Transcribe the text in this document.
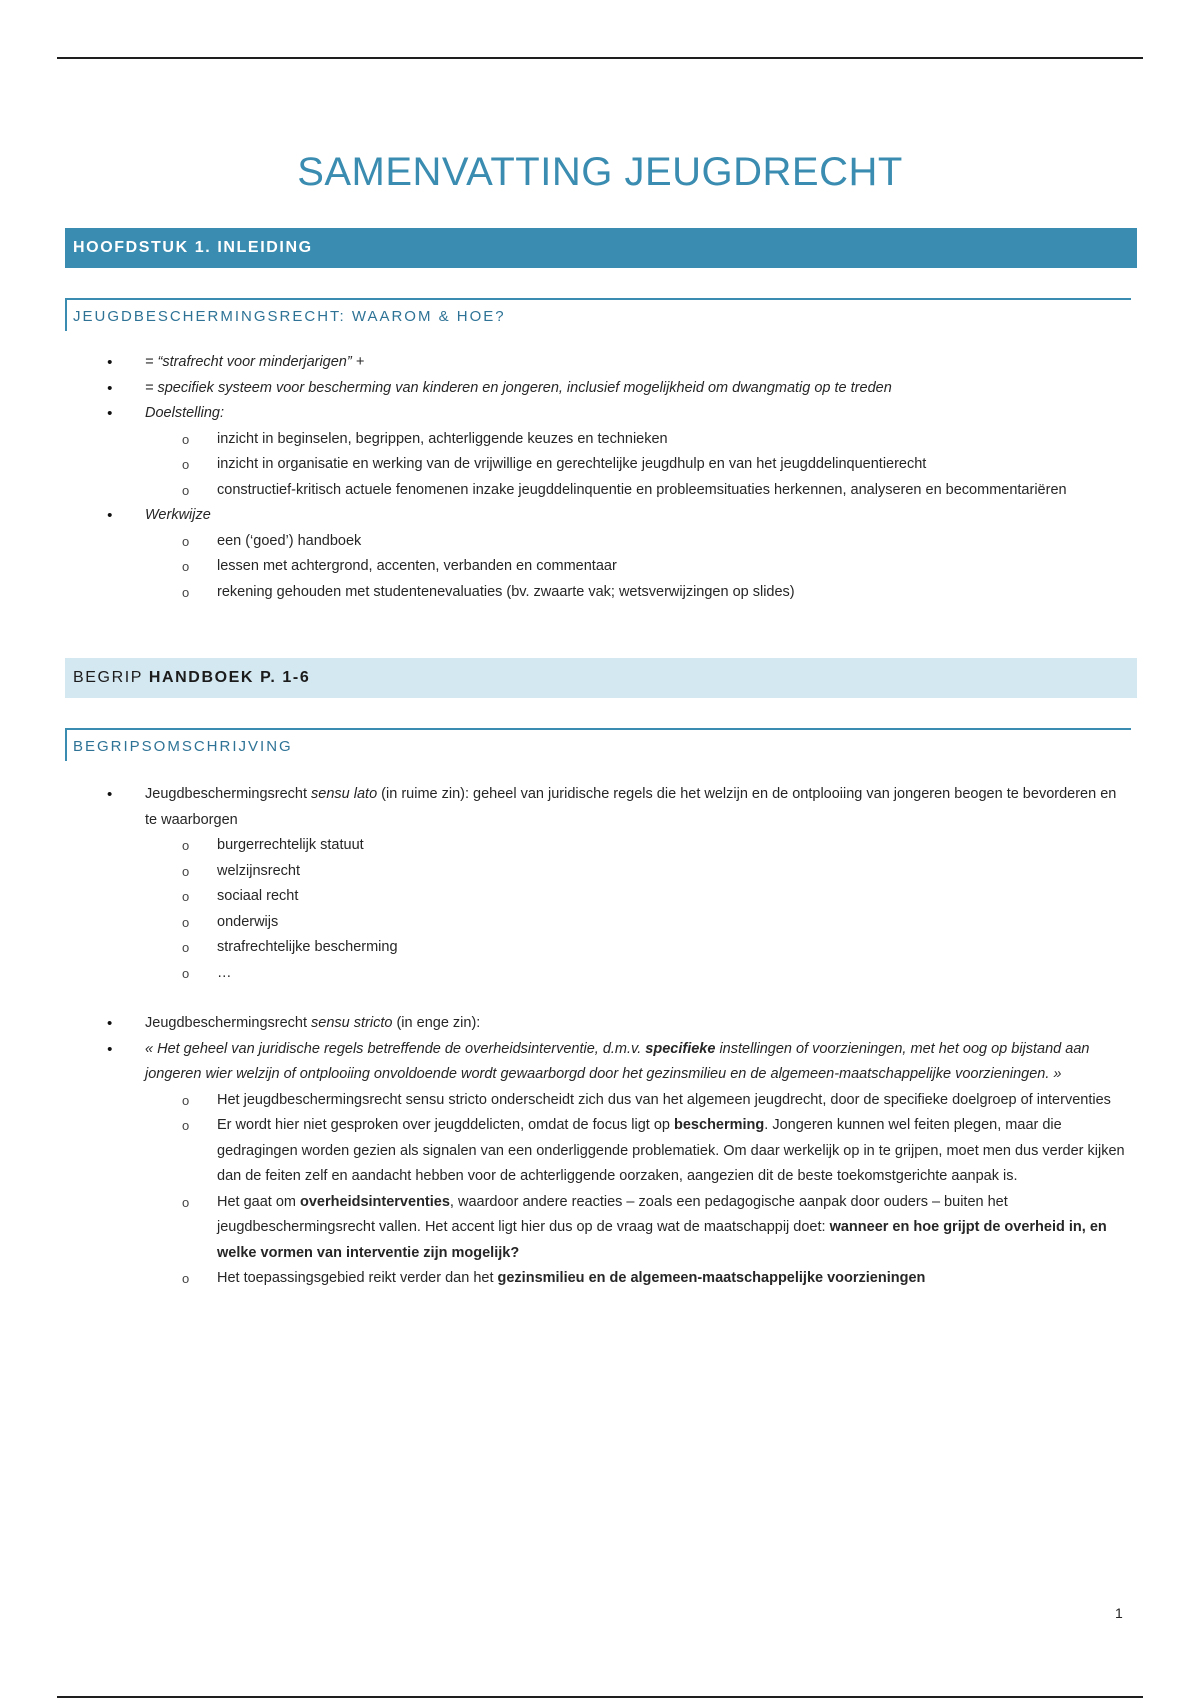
SAMENVATTING JEUGDRECHT
HOOFDSTUK 1. INLEIDING
JEUGDBESCHERMINGSRECHT: WAAROM & HOE?
• = “strafrecht voor minderjarigen” +
• = specifiek systeem voor bescherming van kinderen en jongeren, inclusief mogelijkheid om dwangmatig op te treden
• Doelstelling:
o inzicht in beginselen, begrippen, achterliggende keuzes en technieken
o inzicht in organisatie en werking van de vrijwillige en gerechtelijke jeugdhulp en van het jeugddelinquentierecht
o constructief-kritisch actuele fenomenen inzake jeugddelinquentie en probleemsituaties herkennen, analyseren en becommentariëren
• Werkwijze
o een (‘goed’) handboek
o lessen met achtergrond, accenten, verbanden en commentaar
o rekening gehouden met studentenevaluaties (bv. zwaarte vak; wetsverwijzingen op slides)
BEGRIP HANDBOEK P. 1-6
BEGRIPSOMSCHRIJVING
• Jeugdbeschermingsrecht sensu lato (in ruime zin): geheel van juridische regels die het welzijn en de ontplooiing van jongeren beogen te bevorderen en te waarborgen
o burgerrechtelijk statuut
o welzijnsrecht
o sociaal recht
o onderwijs
o strafrechtelijke bescherming
o …
• Jeugdbeschermingsrecht sensu stricto (in enge zin):
• « Het geheel van juridische regels betreffende de overheidsinterventie, d.m.v. specifieke instellingen of voorzieningen, met het oog op bijstand aan jongeren wier welzijn of ontplooiing onvoldoende wordt gewaarborgd door het gezinsmilieu en de algemeen-maatschappelijke voorzieningen. »
o Het jeugdbeschermingsrecht sensu stricto onderscheidt zich dus van het algemeen jeugdrecht, door de specifieke doelgroep of interventies
o Er wordt hier niet gesproken over jeugddelicten, omdat de focus ligt op bescherming. Jongeren kunnen wel feiten plegen, maar die gedragingen worden gezien als signalen van een onderliggende problematiek. Om daar werkelijk op in te grijpen, moet men dus verder kijken dan de feiten zelf en aandacht hebben voor de achterliggende oorzaken, aangezien dit de beste toekomstgerichte aanpak is.
o Het gaat om overheidsinterventies, waardoor andere reacties – zoals een pedagogische aanpak door ouders – buiten het jeugdbeschermingsrecht vallen. Het accent ligt hier dus op de vraag wat de maatschappij doet: wanneer en hoe grijpt de overheid in, en welke vormen van interventie zijn mogelijk?
o Het toepassingsgebied reikt verder dan het gezinsmilieu en de algemeen-maatschappelijke voorzieningen
1
